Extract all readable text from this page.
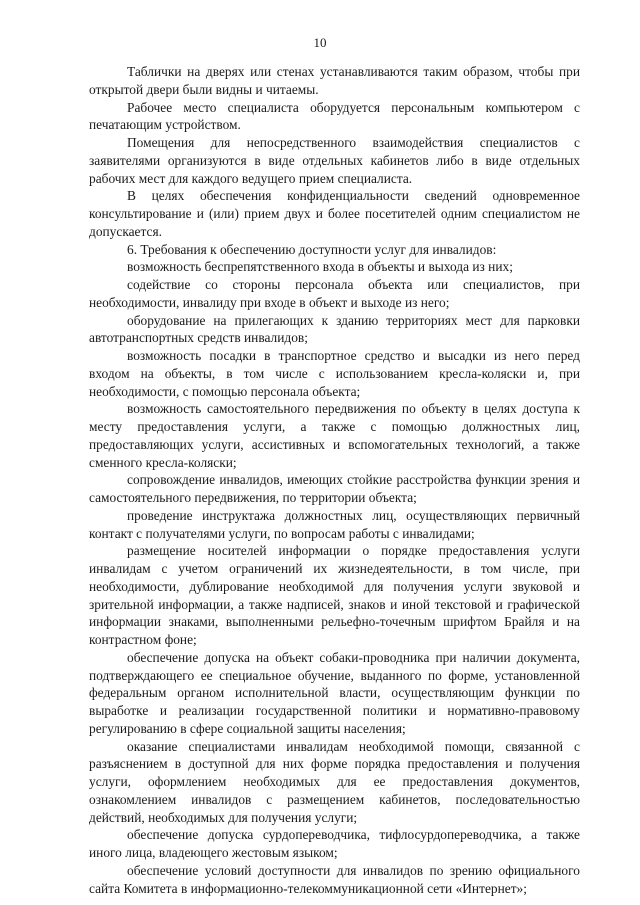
10

Таблички на дверях или стенах устанавливаются таким образом, чтобы при открытой двери были видны и читаемы.

Рабочее место специалиста оборудуется персональным компьютером с печатающим устройством.

Помещения для непосредственного взаимодействия специалистов с заявителями организуются в виде отдельных кабинетов либо в виде отдельных рабочих мест для каждого ведущего прием специалиста.

В целях обеспечения конфиденциальности сведений одновременное консультирование и (или) прием двух и более посетителей одним специалистом не допускается.

6. Требования к обеспечению доступности услуг для инвалидов:

возможность беспрепятственного входа в объекты и выхода из них;

содействие со стороны персонала объекта или специалистов, при необходимости, инвалиду при входе в объект и выходе из него;

оборудование на прилегающих к зданию территориях мест для парковки автотранспортных средств инвалидов;

возможность посадки в транспортное средство и высадки из него перед входом на объекты, в том числе с использованием кресла-коляски и, при необходимости, с помощью персонала объекта;

возможность самостоятельного передвижения по объекту в целях доступа к месту предоставления услуги, а также с помощью должностных лиц, предоставляющих услуги, ассистивных и вспомогательных технологий, а также сменного кресла-коляски;

сопровождение инвалидов, имеющих стойкие расстройства функции зрения и самостоятельного передвижения, по территории объекта;

проведение инструктажа должностных лиц, осуществляющих первичный контакт с получателями услуги, по вопросам работы с инвалидами;

размещение носителей информации о порядке предоставления услуги инвалидам с учетом ограничений их жизнедеятельности, в том числе, при необходимости, дублирование необходимой для получения услуги звуковой и зрительной информации, а также надписей, знаков и иной текстовой и графической информации знаками, выполненными рельефно-точечным шрифтом Брайля и на контрастном фоне;

обеспечение допуска на объект собаки-проводника при наличии документа, подтверждающего ее специальное обучение, выданного по форме, установленной федеральным органом исполнительной власти, осуществляющим функции по выработке и реализации государственной политики и нормативно-правовому регулированию в сфере социальной защиты населения;

оказание специалистами инвалидам необходимой помощи, связанной с разъяснением в доступной для них форме порядка предоставления и получения услуги, оформлением необходимых для ее предоставления документов, ознакомлением инвалидов с размещением кабинетов, последовательностью действий, необходимых для получения услуги;

обеспечение допуска сурдопереводчика, тифлосурдопереводчика, а также иного лица, владеющего жестовым языком;

обеспечение условий доступности для инвалидов по зрению официального сайта Комитета в информационно-телекоммуникационной сети «Интернет»;
